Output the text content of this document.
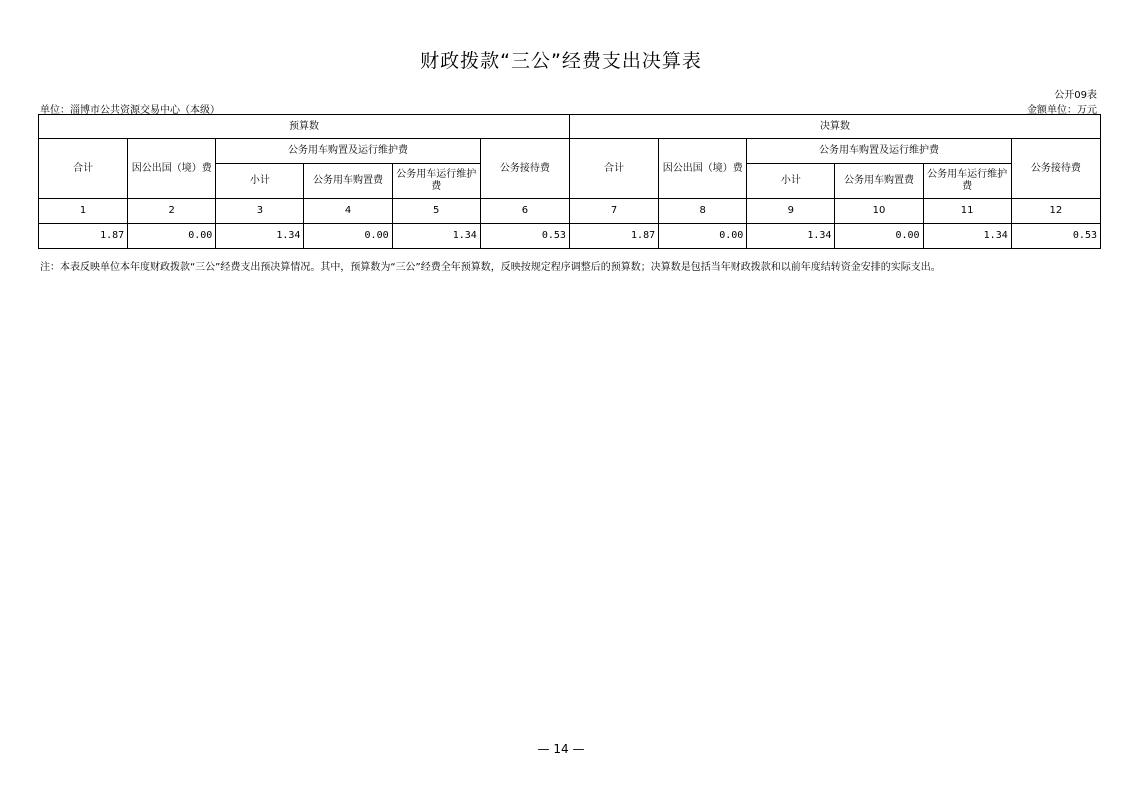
财政拨款“三公”经费支出决算表
公开09表
单位：淄博市公共资源交易中心（本级）	金额单位：万元
预算数						决算数					
合计	因公出国（境）费	公务用车购置及运行维护费			公务接待费	合计	因公出国（境）费	公务用车购置及运行维护费			公务接待费
		小计	公务用车购置费	公务用车运行维护费				小计	公务用车购置费	公务用车运行维护费	
1	2	3	4	5	6	7	8	9	10	11	12
1.87	0.00	1.34	0.00	1.34	0.53	1.87	0.00	1.34	0.00	1.34	0.53
注：本表反映单位本年度财政拨款“三公”经费支出预决算情况。其中，预算数为“三公”经费全年预算数，反映按规定程序调整后的预算数；决算数是包括当年财政拨款和以前年度结转资金安排的实际支出。
— 14 —
